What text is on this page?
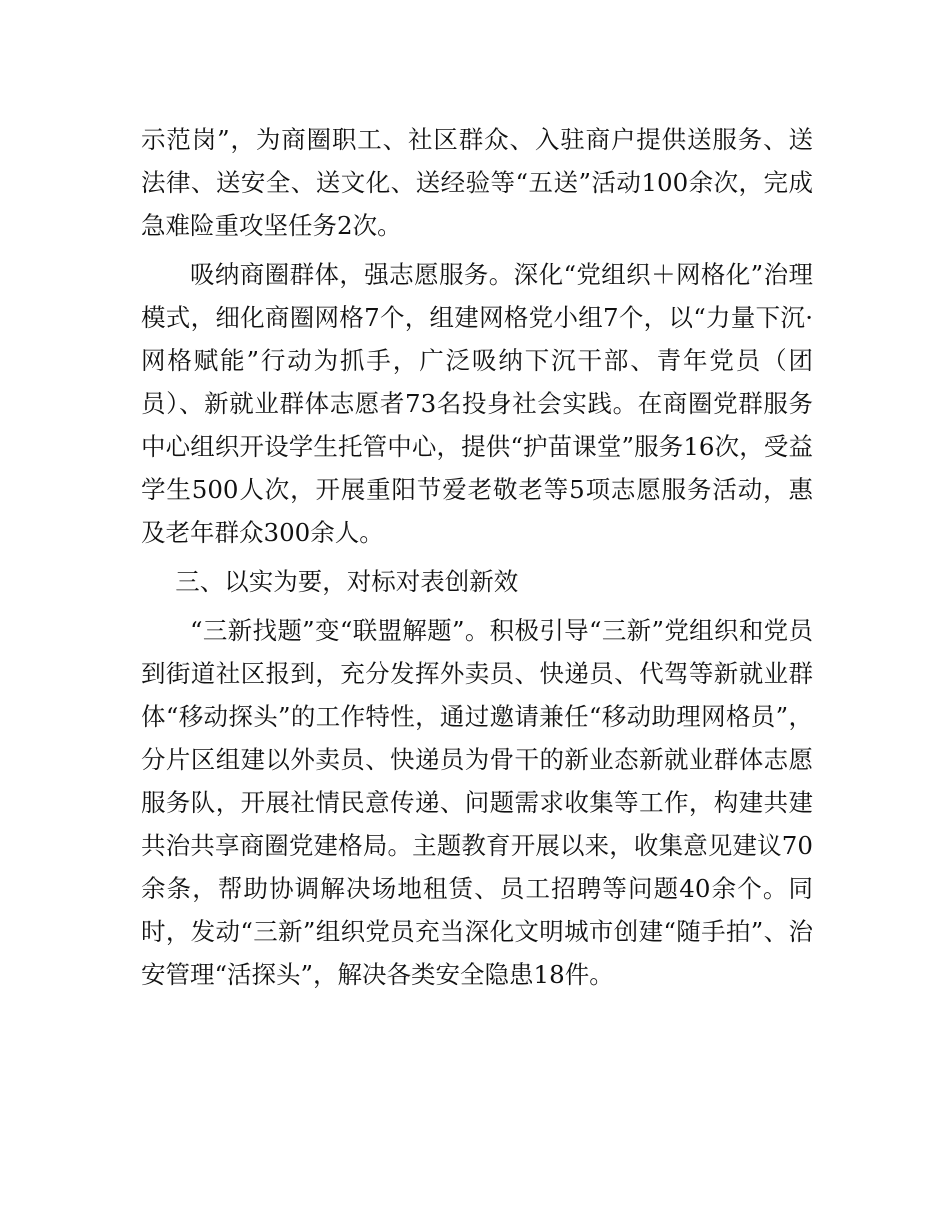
示范岗”，为商圈职工、社区群众、入驻商户提供送服务、送法律、送安全、送文化、送经验等“五送”活动100余次，完成急难险重攻坚任务2次。

吸纳商圈群体，强志愿服务。深化“党组织＋网格化”治理模式，细化商圈网格7个，组建网格党小组7个，以“力量下沉·网格赋能”行动为抓手，广泛吸纳下沉干部、青年党员（团员）、新就业群体志愿者73名投身社会实践。在商圈党群服务中心组织开设学生托管中心，提供“护苗课堂”服务16次，受益学生500人次，开展重阳节爱老敬老等5项志愿服务活动，惠及老年群众300余人。

三、以实为要，对标对表创新效

“三新找题”变“联盟解题”。积极引导“三新”党组织和党员到街道社区报到，充分发挥外卖员、快递员、代驾等新就业群体“移动探头”的工作特性，通过邀请兼任“移动助理网格员”，分片区组建以外卖员、快递员为骨干的新业态新就业群体志愿服务队，开展社情民意传递、问题需求收集等工作，构建共建共治共享商圈党建格局。主题教育开展以来，收集意见建议70余条，帮助协调解决场地租赁、员工招聘等问题40余个。同时，发动“三新”组织党员充当深化文明城市创建“随手拍”、治安管理“活探头”，解决各类安全隐患18件。
